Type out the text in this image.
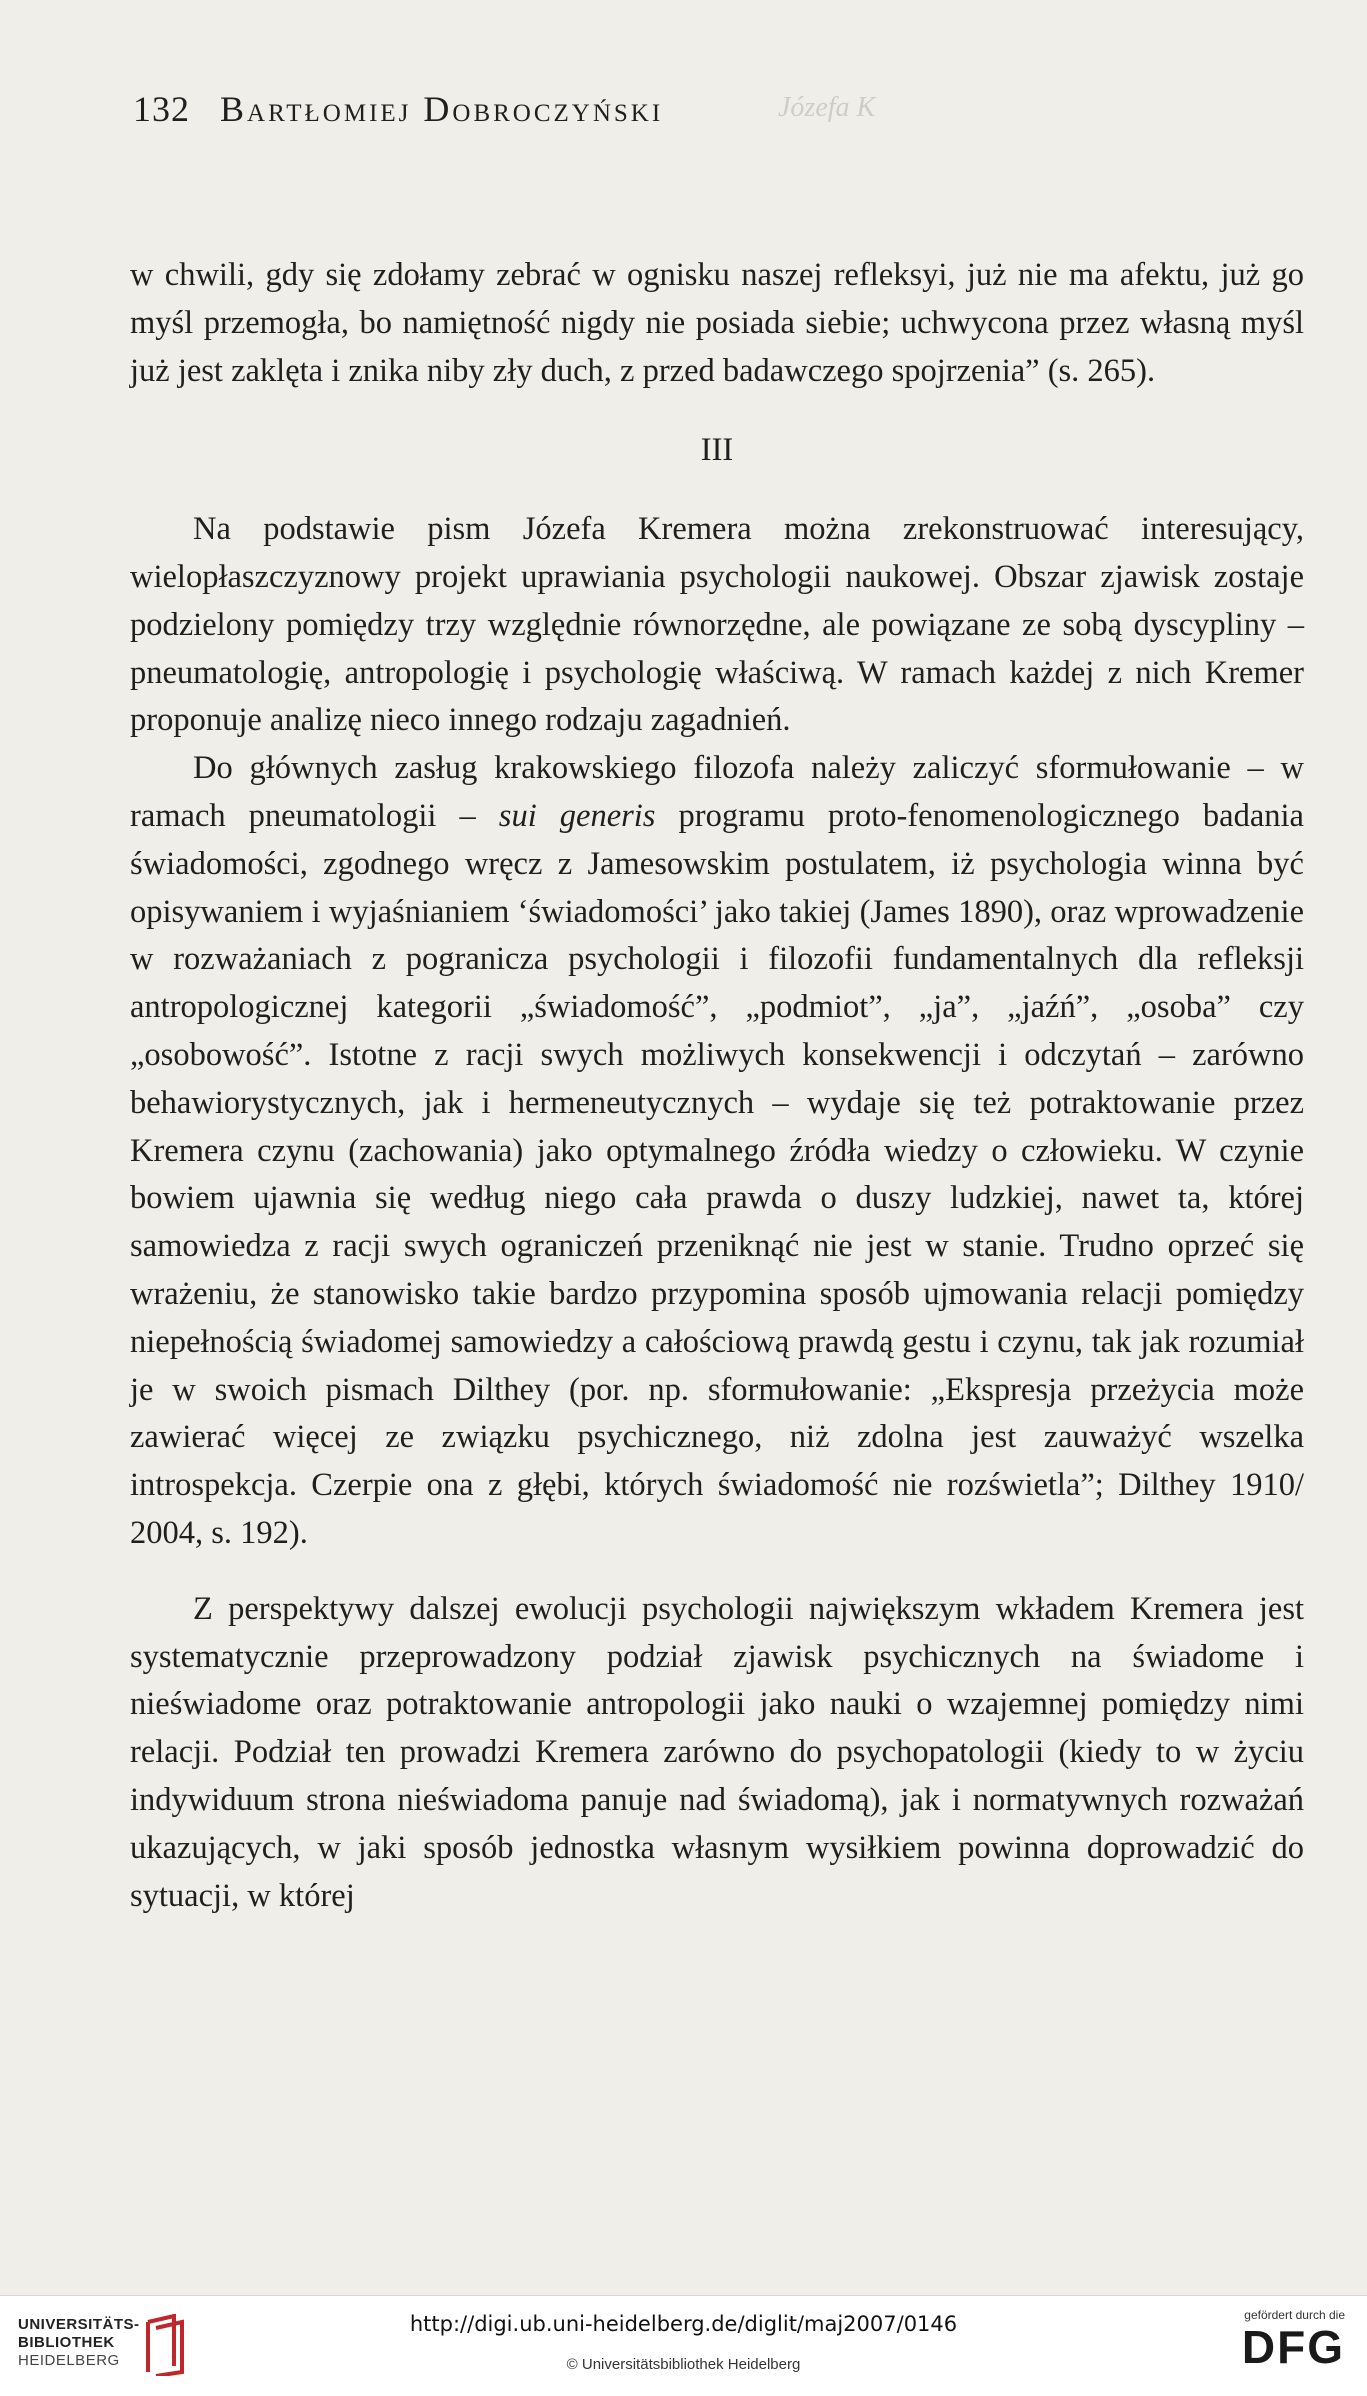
132 Bartłomiej Dobroczyński	Józefa K

w chwili, gdy się zdołamy zebrać w ognisku naszej refleksyi, już nie ma afektu, już go myśl przemogła, bo namiętność nigdy nie posiada siebie; uchwycona przez własną myśl już jest zaklęta i znika niby zły duch, z przed badawczego spojrzenia” (s. 265).

III

Na podstawie pism Józefa Kremera można zrekonstruować interesujący, wielopłaszczyznowy projekt uprawiania psychologii naukowej. Obszar zjawisk zostaje podzielony pomiędzy trzy względnie równorzędne, ale powiązane ze sobą dyscypliny – pneumatologię, antropologię i psychologię właściwą. W ramach każdej z nich Kremer proponuje analizę nieco innego rodzaju zagadnień.

Do głównych zasług krakowskiego filozofa należy zaliczyć sformułowanie – w ramach pneumatologii – sui generis programu proto-fenomenologicznego badania świadomości, zgodnego wręcz z Jamesowskim postulatem, iż psychologia winna być opisywaniem i wyjaśnianiem ‘świadomości’ jako takiej (James 1890), oraz wprowadzenie w rozważaniach z pogranicza psychologii i filozofii fundamentalnych dla refleksji antropologicznej kategorii „świadomość”, „podmiot”, „ja”, „jaźń”, „osoba” czy „osobowość”. Istotne z racji swych możliwych konsekwencji i odczytań – zarówno behawiorystycznych, jak i hermeneutycznych – wydaje się też potraktowanie przez Kremera czynu (zachowania) jako optymalnego źródła wiedzy o człowieku. W czynie bowiem ujawnia się według niego cała prawda o duszy ludzkiej, nawet ta, której samowiedza z racji swych ograniczeń przeniknąć nie jest w stanie. Trudno oprzeć się wrażeniu, że stanowisko takie bardzo przypomina sposób ujmowania relacji pomiędzy niepełnością świadomej samowiedzy a całościową prawdą gestu i czynu, tak jak rozumiał je w swoich pismach Dilthey (por. np. sformułowanie: „Ekspresja przeżycia może zawierać więcej ze związku psychicznego, niż zdolna jest zauważyć wszelka introspekcja. Czerpie ona z głębi, których świadomość nie rozświetla”; Dilthey 1910/ 2004, s. 192).

Z perspektywy dalszej ewolucji psychologii największym wkładem Kremera jest systematycznie przeprowadzony podział zjawisk psychicznych na świadome i nieświadome oraz potraktowanie antropologii jako nauki o wzajemnej pomiędzy nimi relacji. Podział ten prowadzi Kremera zarówno do psychopatologii (kiedy to w życiu indywiduum strona nieświadoma panuje nad świadomą), jak i normatywnych rozważań ukazujących, w jaki sposób jednostka własnym wysiłkiem powinna doprowadzić do sytuacji, w której

UNIVERSITÄTS-
BIBLIOTHEK
HEIDELBERG
http://digi.ub.uni-heidelberg.de/diglit/maj2007/0146
© Universitätsbibliothek Heidelberg
gefördert durch die
DFG
